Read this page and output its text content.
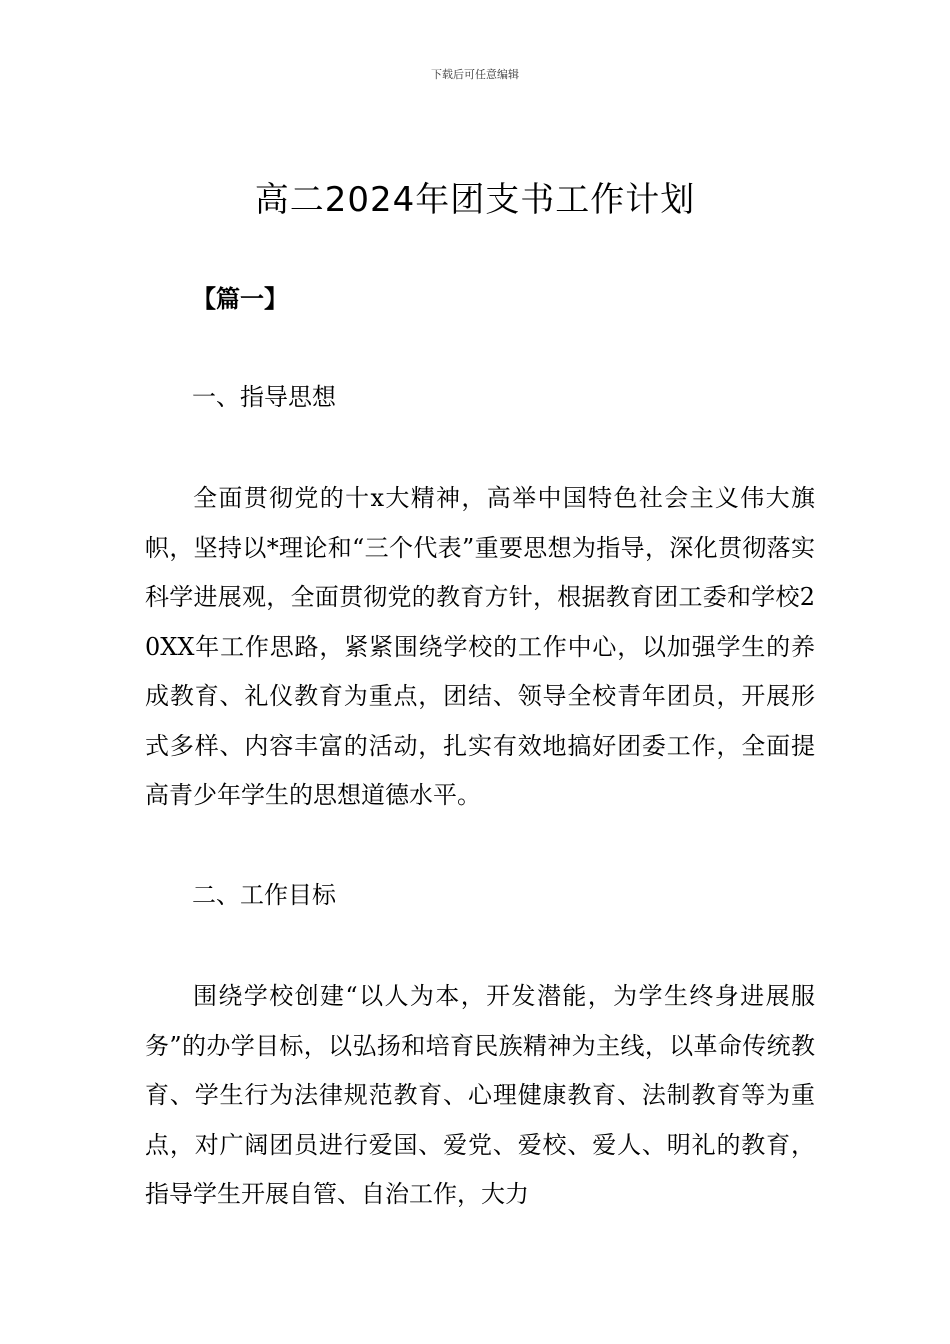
下载后可任意编辑
高二2024年团支书工作计划
【篇一】
一、指导思想

全面贯彻党的十x大精神，高举中国特色社会主义伟大旗帜，坚持以*理论和“三个代表”重要思想为指导，深化贯彻落实科学进展观，全面贯彻党的教育方针，根据教育团工委和学校20XX年工作思路，紧紧围绕学校的工作中心，以加强学生的养成教育、礼仪教育为重点，团结、领导全校青年团员，开展形式多样、内容丰富的活动，扎实有效地搞好团委工作，全面提高青少年学生的思想道德水平。

二、工作目标

围绕学校创建“以人为本，开发潜能，为学生终身进展服务”的办学目标，以弘扬和培育民族精神为主线，以革命传统教育、学生行为法律规范教育、心理健康教育、法制教育等为重点，对广阔团员进行爱国、爱党、爱校、爱人、明礼的教育，指导学生开展自管、自治工作，大力
